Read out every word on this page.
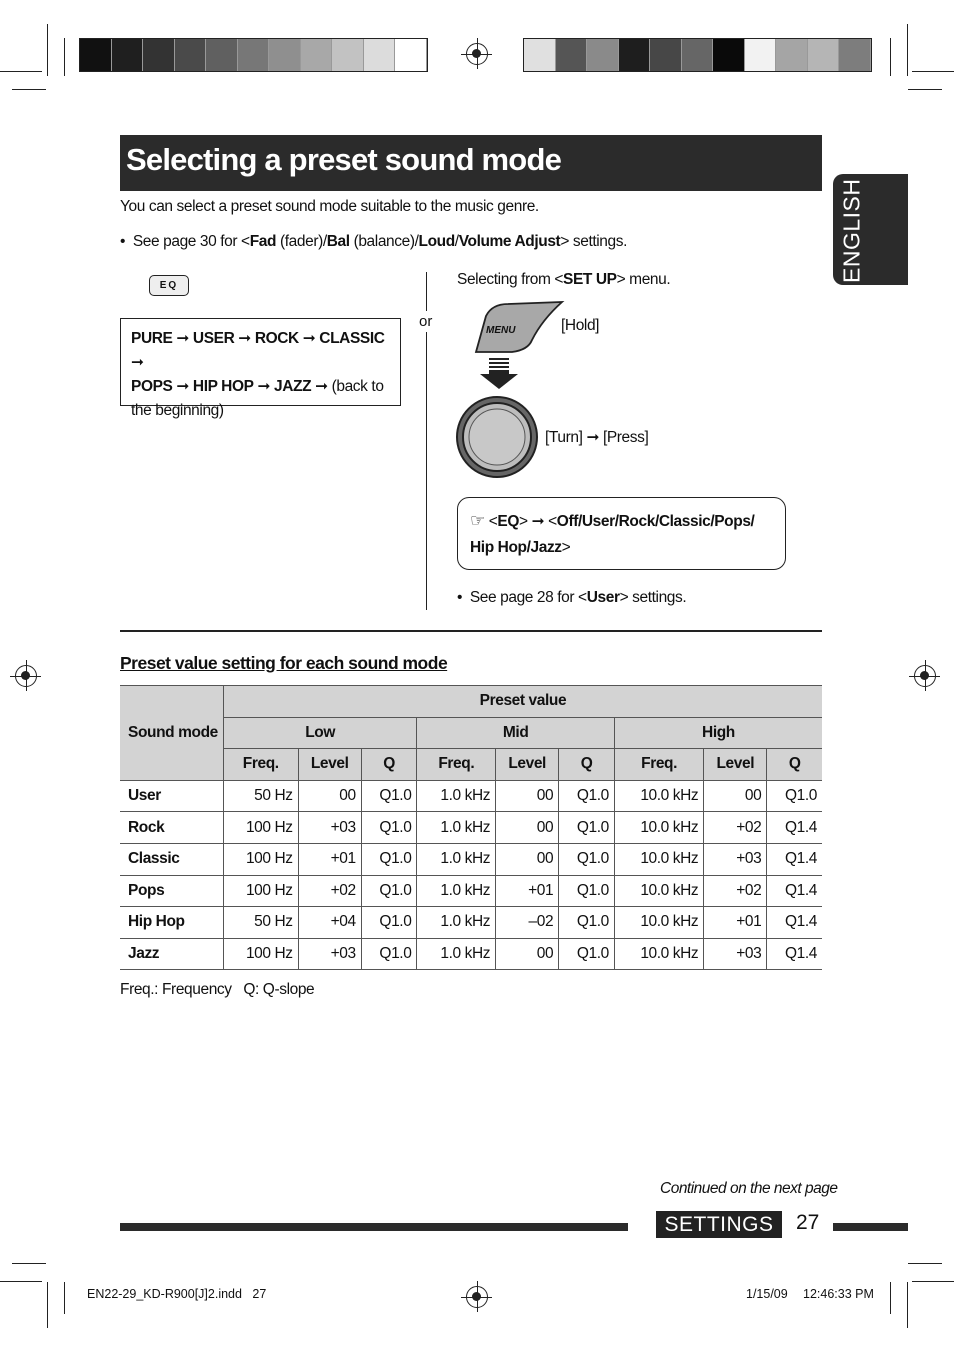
Selecting a preset sound mode
ENGLISH
You can select a preset sound mode suitable to the music genre.
•  See page 30 for <Fad (fader)/Bal (balance)/Loud/Volume Adjust> settings.
EQ
PURE ➞ USER ➞ ROCK ➞ CLASSIC ➞
POPS ➞ HIP HOP ➞ JAZZ ➞ (back to the beginning)
or
Selecting from <SET UP> menu.
MENU	[Hold]
[Turn] ➞ [Press]
☞ <EQ> ➞ <Off/User/Rock/Classic/Pops/
Hip Hop/Jazz>
•  See page 28 for <User> settings.
Preset value setting for each sound mode
Sound mode	Preset value								
	Low			Mid			High		
	Freq.	Level	Q	Freq.	Level	Q	Freq.	Level	Q
User	50 Hz	00	Q1.0	1.0 kHz	00	Q1.0	10.0 kHz	00	Q1.0
Rock	100 Hz	+03	Q1.0	1.0 kHz	00	Q1.0	10.0 kHz	+02	Q1.4
Classic	100 Hz	+01	Q1.0	1.0 kHz	00	Q1.0	10.0 kHz	+03	Q1.4
Pops	100 Hz	+02	Q1.0	1.0 kHz	+01	Q1.0	10.0 kHz	+02	Q1.4
Hip Hop	50 Hz	+04	Q1.0	1.0 kHz	–02	Q1.0	10.0 kHz	+01	Q1.4
Jazz	100 Hz	+03	Q1.0	1.0 kHz	00	Q1.0	10.0 kHz	+03	Q1.4
Freq.: Frequency   Q: Q-slope
Continued on the next page
SETTINGS	27
EN22-29_KD-R900[J]2.indd   27	1/15/09 12:46:33 PM
